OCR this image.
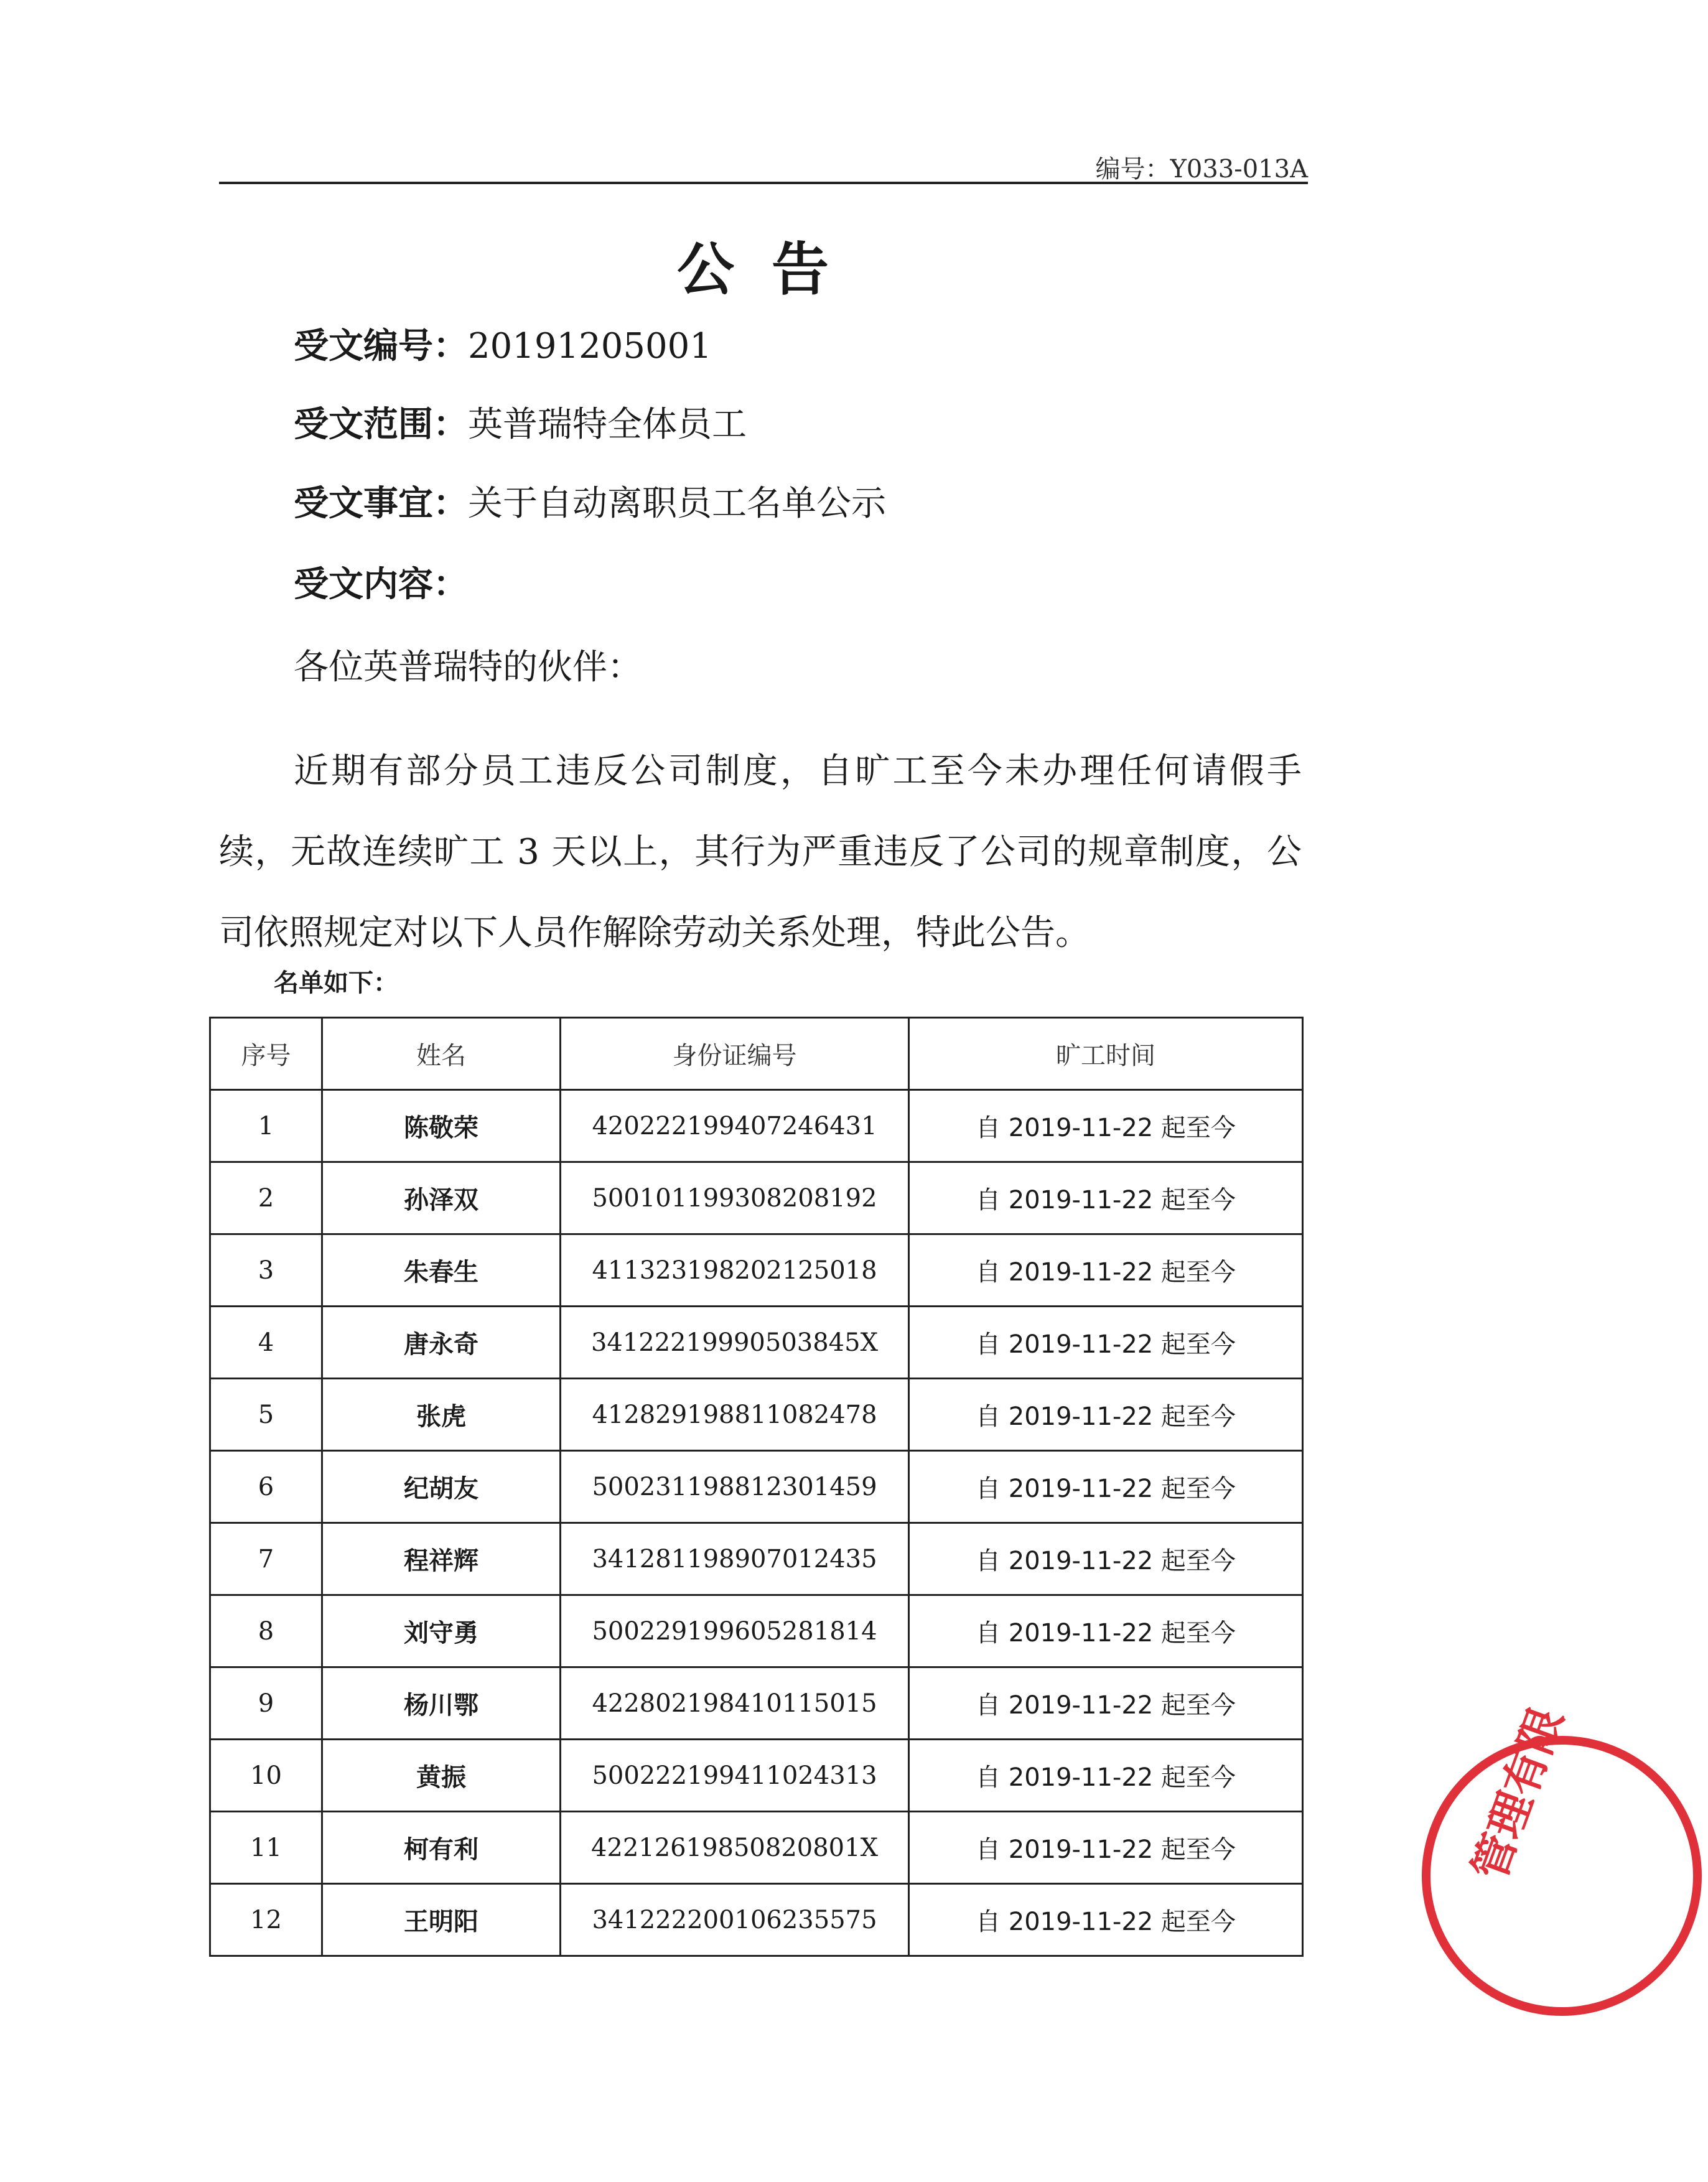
编号：Y033-013A
公告
受文编号：20191205001
受文范围：英普瑞特全体员工
受文事宜：关于自动离职员工名单公示
受文内容：
各位英普瑞特的伙伴：
近期有部分员工违反公司制度，自旷工至今未办理任何请假手续，无故连续旷工 3 天以上，其行为严重违反了公司的规章制度，公司依照规定对以下人员作解除劳动关系处理，特此公告。
名单如下：
序号	姓名	身份证编号	旷工时间
1	陈敬荣	420222199407246431	自 2019-11-22 起至今
2	孙泽双	500101199308208192	自 2019-11-22 起至今
3	朱春生	411323198202125018	自 2019-11-22 起至今
4	唐永奇	34122219990503845X	自 2019-11-22 起至今
5	张虎	412829198811082478	自 2019-11-22 起至今
6	纪胡友	500231198812301459	自 2019-11-22 起至今
7	程祥辉	341281198907012435	自 2019-11-22 起至今
8	刘守勇	500229199605281814	自 2019-11-22 起至今
9	杨川鄂	422802198410115015	自 2019-11-22 起至今
10	黄振	500222199411024313	自 2019-11-22 起至今
11	柯有利	42212619850820801X	自 2019-11-22 起至今
12	王明阳	341222200106235575	自 2019-11-22 起至今
管理有限
